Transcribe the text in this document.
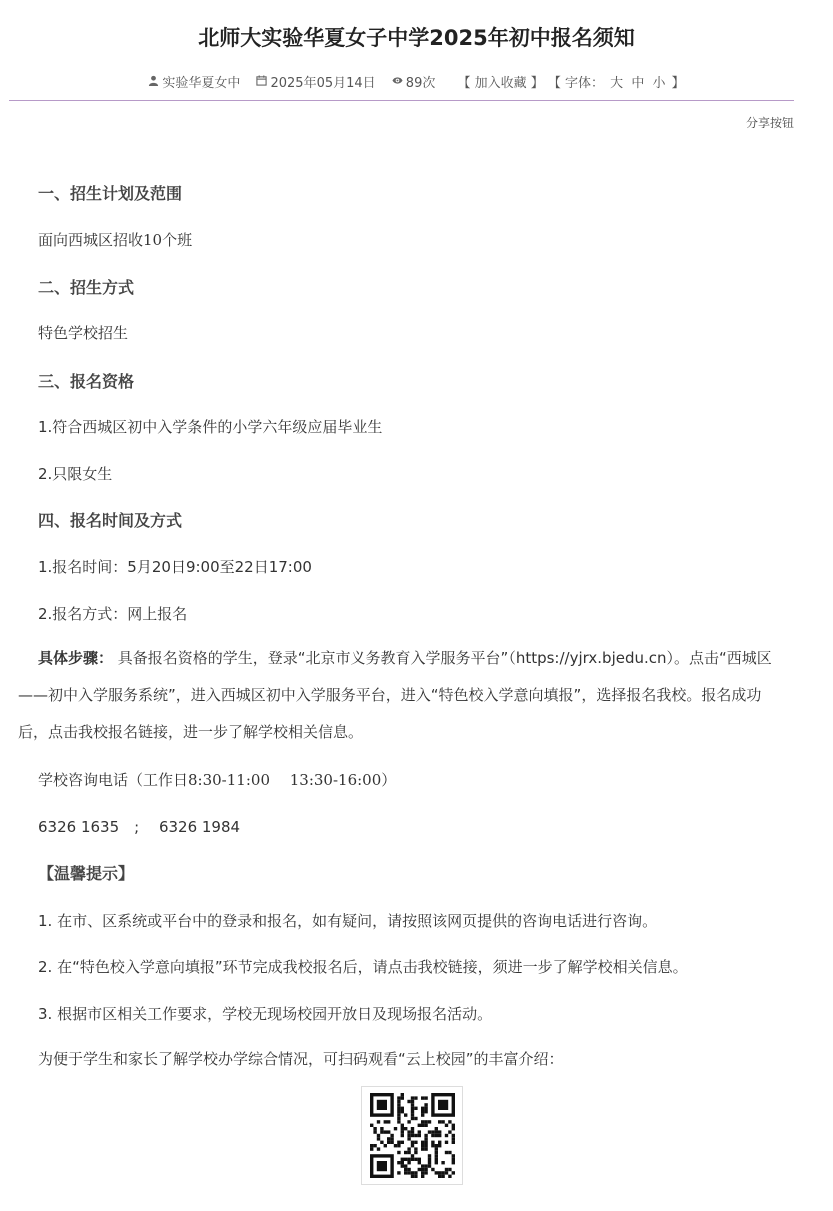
北师大实验华夏女子中学2025年初中报名须知
实验华夏女中 2025年05月14日 89次 【 加入收藏 】 【 字体： 大 中 小 】
分享按钮
一、招生计划及范围
面向西城区招收10个班
二、招生方式
特色学校招生
三、报名资格
1.符合西城区初中入学条件的小学六年级应届毕业生
2.只限女生
四、报名时间及方式
1.报名时间：5月20日9:00至22日17:00
2.报名方式：网上报名
具体步骤： 具备报名资格的学生，登录“北京市义务教育入学服务平台”（https://yjrx.bjedu.cn）。点击“西城区——初中入学服务系统”，进入西城区初中入学服务平台，进入“特色校入学意向填报”，选择报名我校。报名成功后，点击我校报名链接，进一步了解学校相关信息。
学校咨询电话（工作日8:30-11:00　 13:30-16:00）
6326 1635　;　 6326 1984
【温馨提示】
1. 在市、区系统或平台中的登录和报名，如有疑问，请按照该网页提供的咨询电话进行咨询。
2. 在“特色校入学意向填报”环节完成我校报名后，请点击我校链接，须进一步了解学校相关信息。
3. 根据市区相关工作要求，学校无现场校园开放日及现场报名活动。
为便于学生和家长了解学校办学综合情况，可扫码观看“云上校园”的丰富介绍：
